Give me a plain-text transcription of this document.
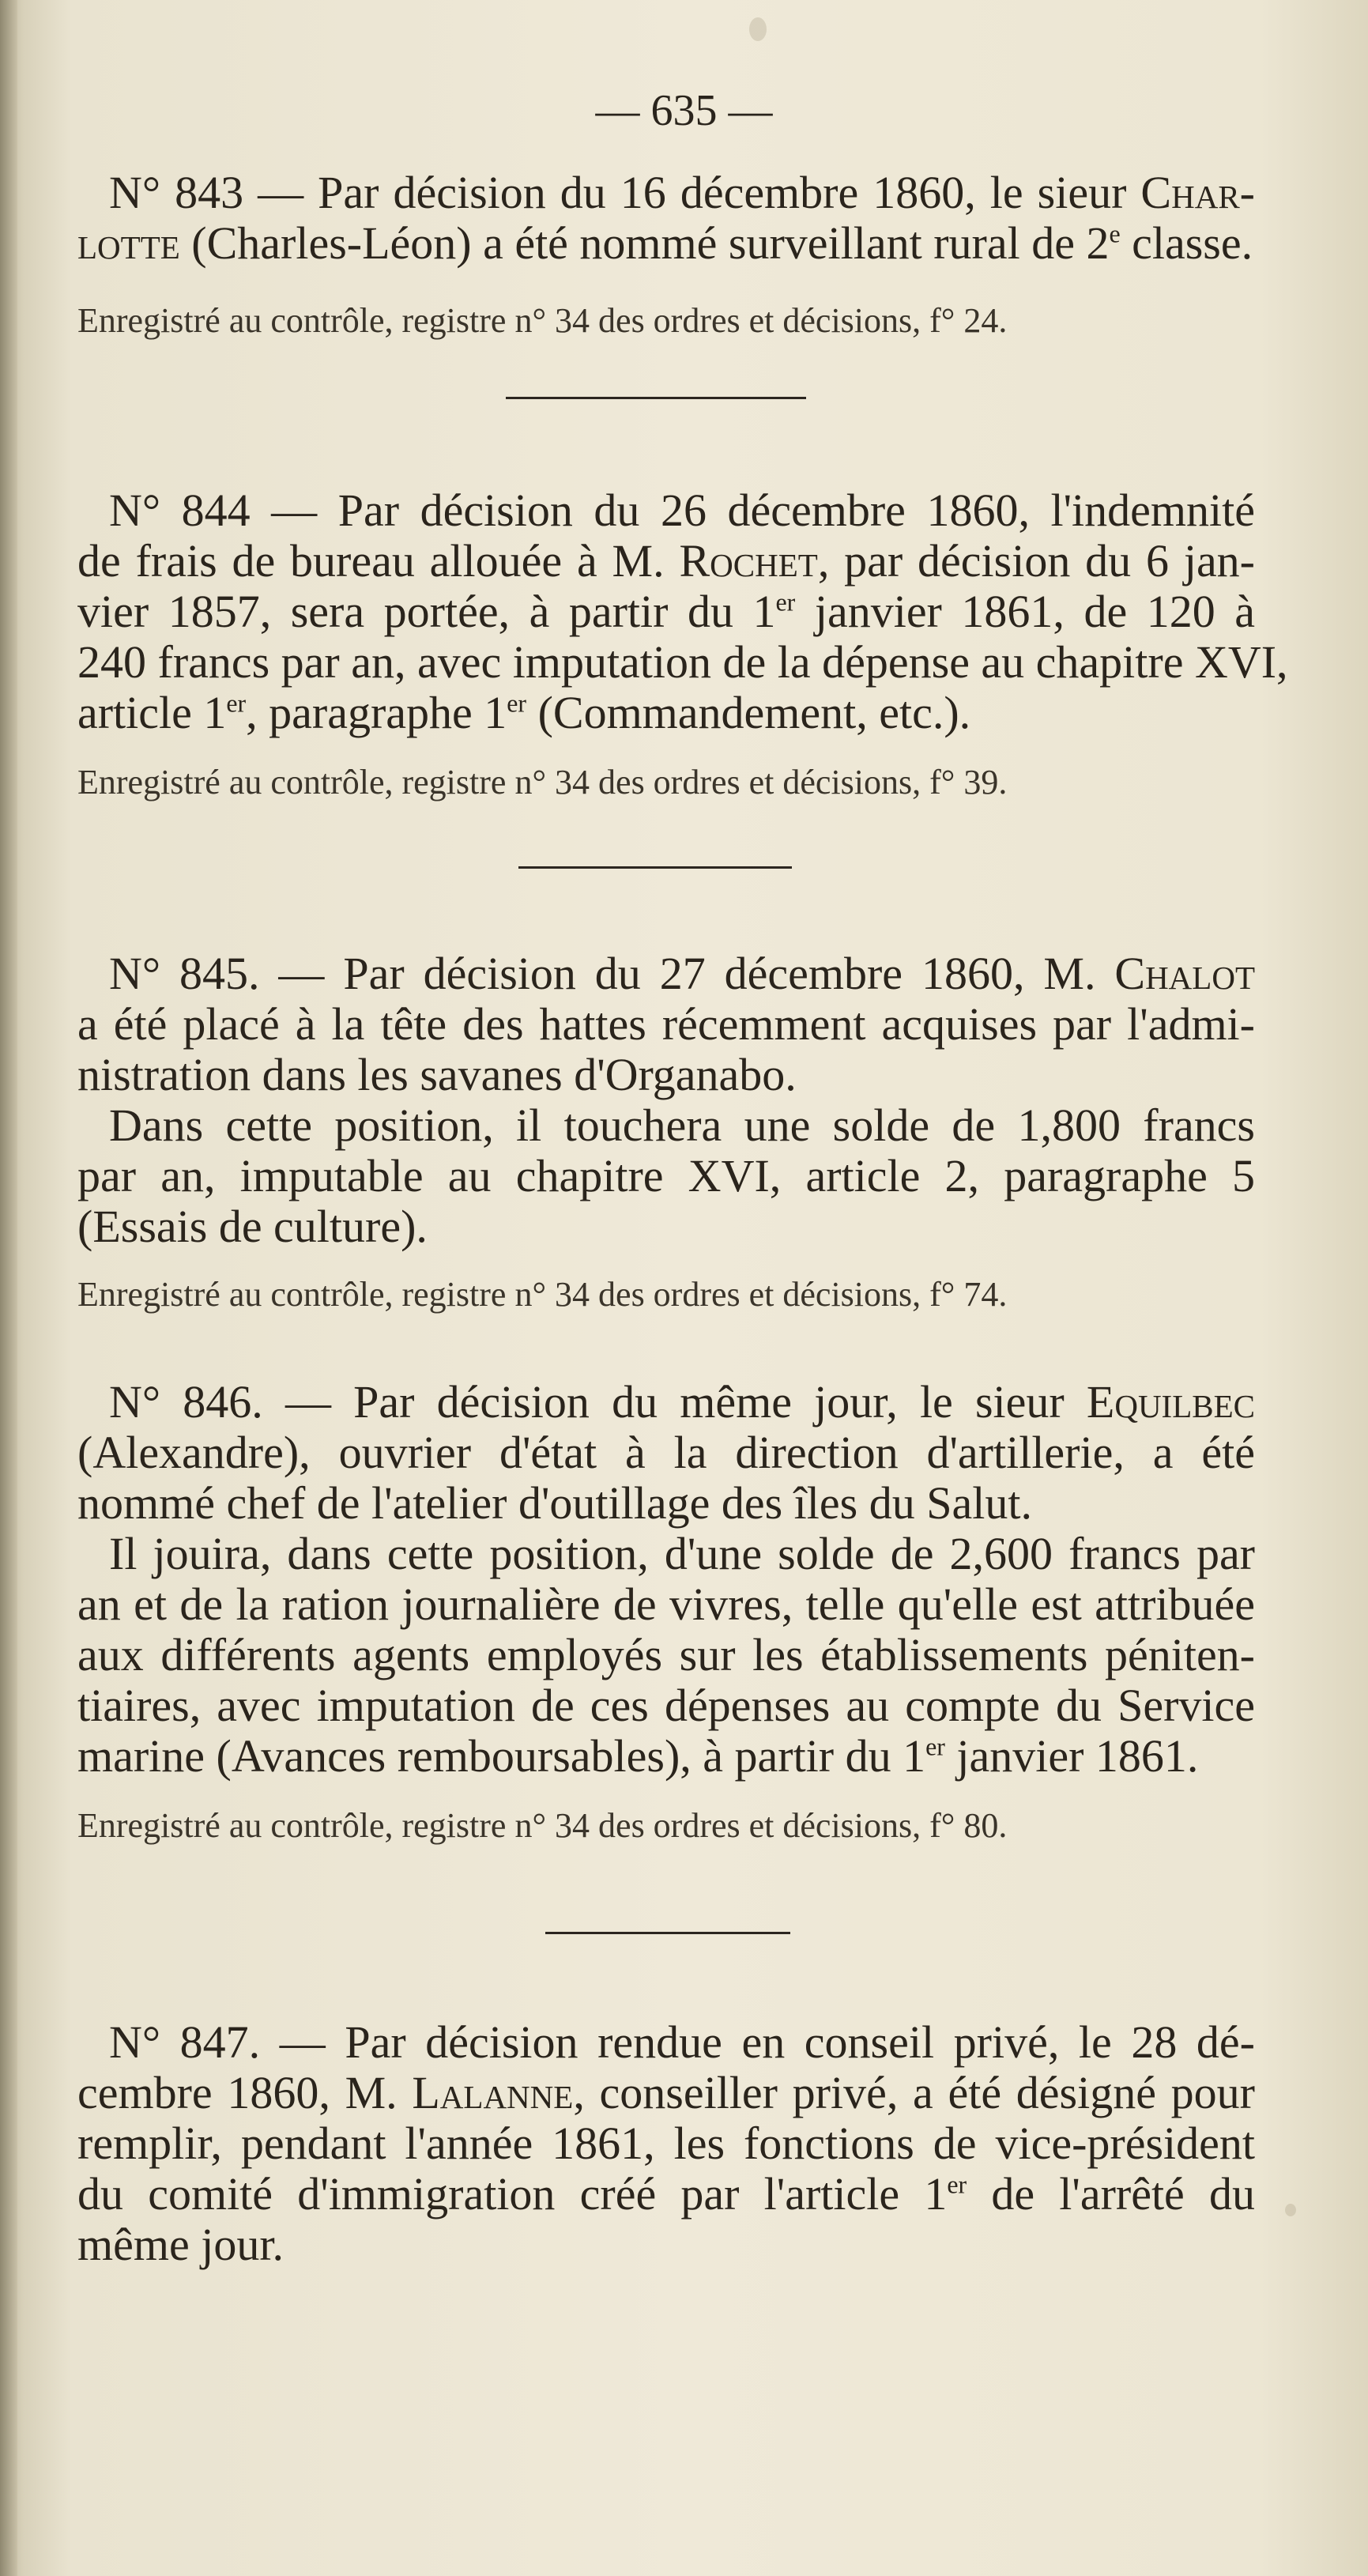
— 635 —
N° 843 — Par décision du 16 décembre 1860, le sieur Char-
lotte (Charles-Léon) a été nommé surveillant rural de 2e classe.
Enregistré au contrôle, registre n° 34 des ordres et décisions, f° 24.
N° 844 — Par décision du 26 décembre 1860, l'indemnité
de frais de bureau allouée à M. Rochet, par décision du 6 jan-
vier 1857, sera portée, à partir du 1er janvier 1861, de 120 à
240 francs par an, avec imputation de la dépense au chapitre XVI,
article 1er, paragraphe 1er (Commandement, etc.).
Enregistré au contrôle, registre n° 34 des ordres et décisions, f° 39.
N° 845. — Par décision du 27 décembre 1860, M. Chalot
a été placé à la tête des hattes récemment acquises par l'admi-
nistration dans les savanes d'Organabo.
Dans cette position, il touchera une solde de 1,800 francs
par an, imputable au chapitre XVI, article 2, paragraphe 5
(Essais de culture).
Enregistré au contrôle, registre n° 34 des ordres et décisions, f° 74.
N° 846. — Par décision du même jour, le sieur Equilbec
(Alexandre), ouvrier d'état à la direction d'artillerie, a été
nommé chef de l'atelier d'outillage des îles du Salut.
Il jouira, dans cette position, d'une solde de 2,600 francs par
an et de la ration journalière de vivres, telle qu'elle est attribuée
aux différents agents employés sur les établissements péniten-
tiaires, avec imputation de ces dépenses au compte du Service
marine (Avances remboursables), à partir du 1er janvier 1861.
Enregistré au contrôle, registre n° 34 des ordres et décisions, f° 80.
N° 847. — Par décision rendue en conseil privé, le 28 dé-
cembre 1860, M. Lalanne, conseiller privé, a été désigné pour
remplir, pendant l'année 1861, les fonctions de vice-président
du comité d'immigration créé par l'article 1er de l'arrêté du
même jour.
